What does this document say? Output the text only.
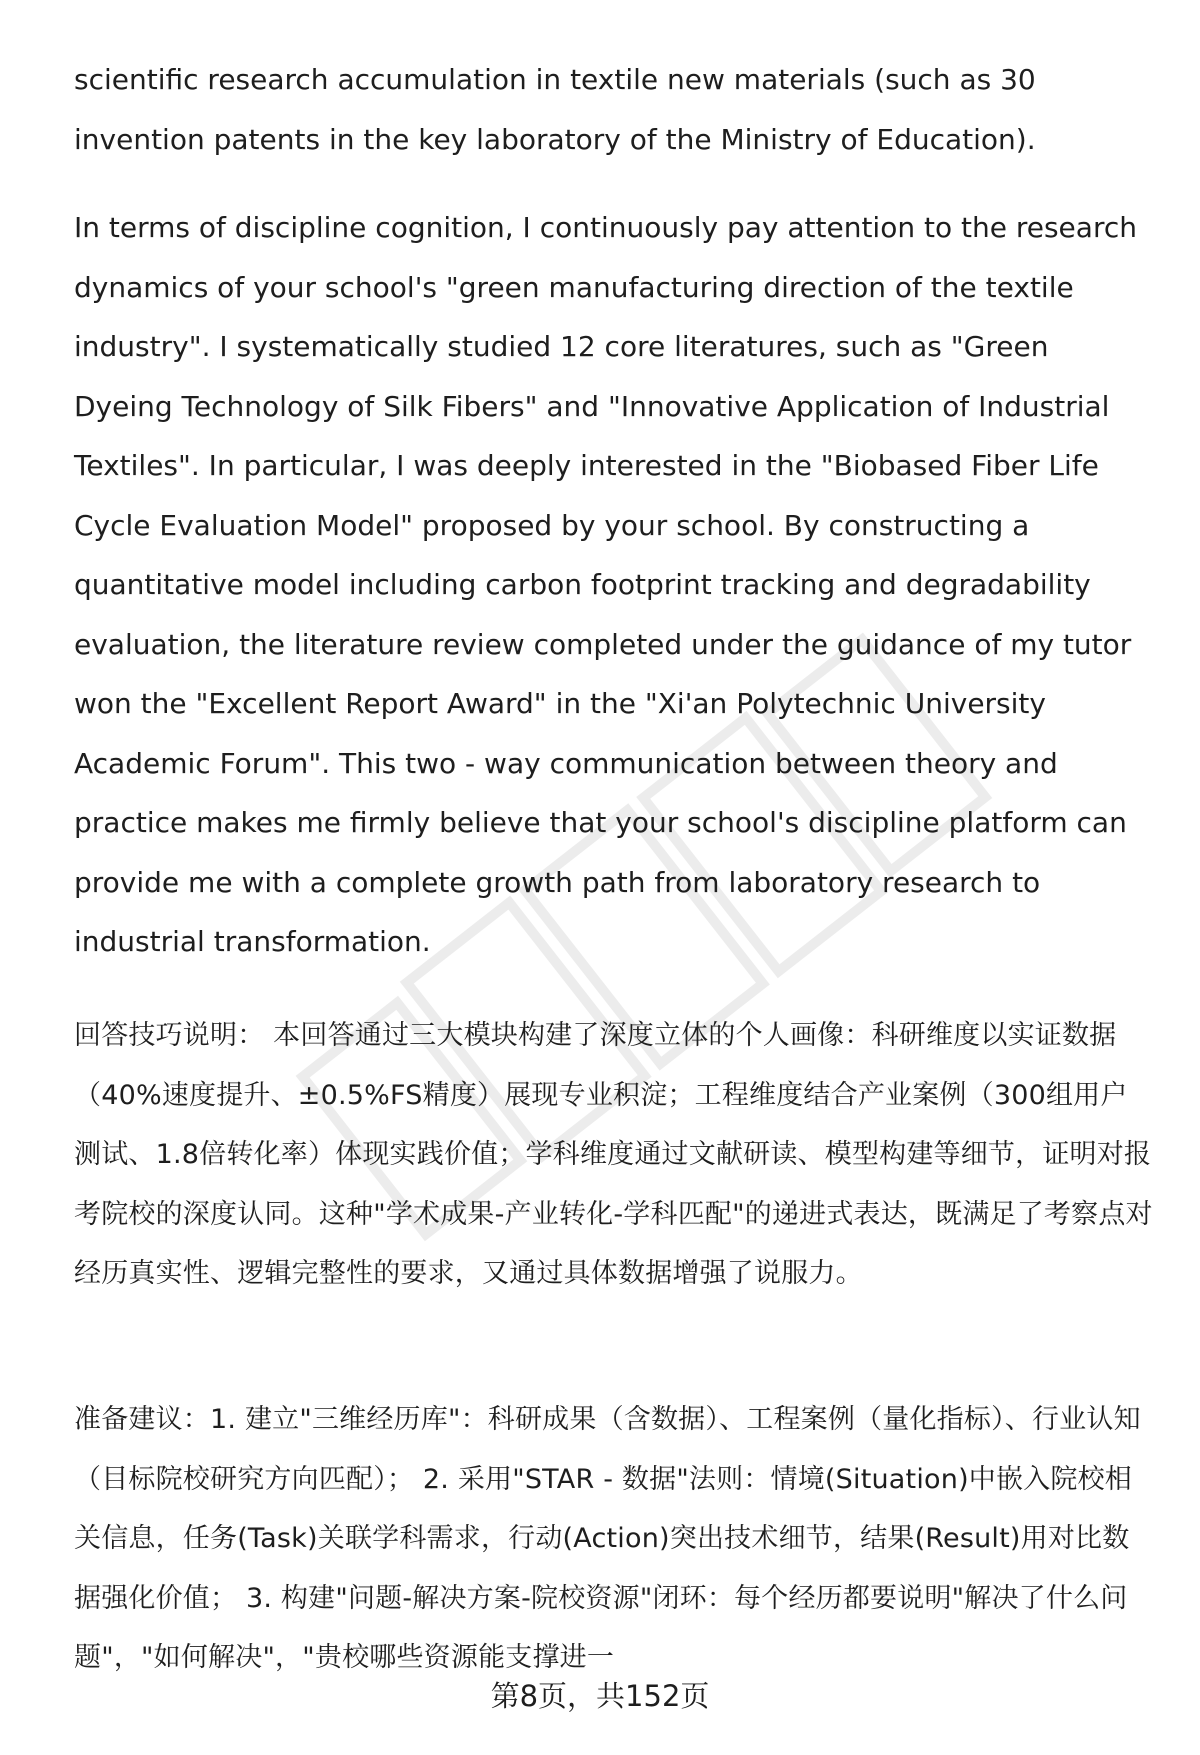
scientific research accumulation in textile new materials (such as 30 invention patents in the key laboratory of the Ministry of Education).

In terms of discipline cognition, I continuously pay attention to the research dynamics of your school's "green manufacturing direction of the textile industry". I systematically studied 12 core literatures, such as "Green Dyeing Technology of Silk Fibers" and "Innovative Application of Industrial Textiles". In particular, I was deeply interested in the "Biobased Fiber Life Cycle Evaluation Model" proposed by your school. By constructing a quantitative model including carbon footprint tracking and degradability evaluation, the literature review completed under the guidance of my tutor won the "Excellent Report Award" in the "Xi'an Polytechnic University Academic Forum". This two - way communication between theory and practice makes me firmly believe that your school's discipline platform can provide me with a complete growth path from laboratory research to industrial transformation.

回答技巧说明： 本回答通过三大模块构建了深度立体的个人画像：科研维度以实证数据（40%速度提升、±0.5%FS精度）展现专业积淀；工程维度结合产业案例（300组用户测试、1.8倍转化率）体现实践价值；学科维度通过文献研读、模型构建等细节，证明对报考院校的深度认同。这种"学术成果-产业转化-学科匹配"的递进式表达，既满足了考察点对经历真实性、逻辑完整性的要求，又通过具体数据增强了说服力。

准备建议：1. 建立"三维经历库"：科研成果（含数据）、工程案例（量化指标）、行业认知（目标院校研究方向匹配）； 2. 采用"STAR - 数据"法则：情境(Situation)中嵌入院校相关信息，任务(Task)关联学科需求，行动(Action)突出技术细节，结果(Result)用对比数据强化价值； 3. 构建"问题-解决方案-院校资源"闭环：每个经历都要说明"解决了什么问题"，"如何解决"，"贵校哪些资源能支撑进一

第8页，共152页
